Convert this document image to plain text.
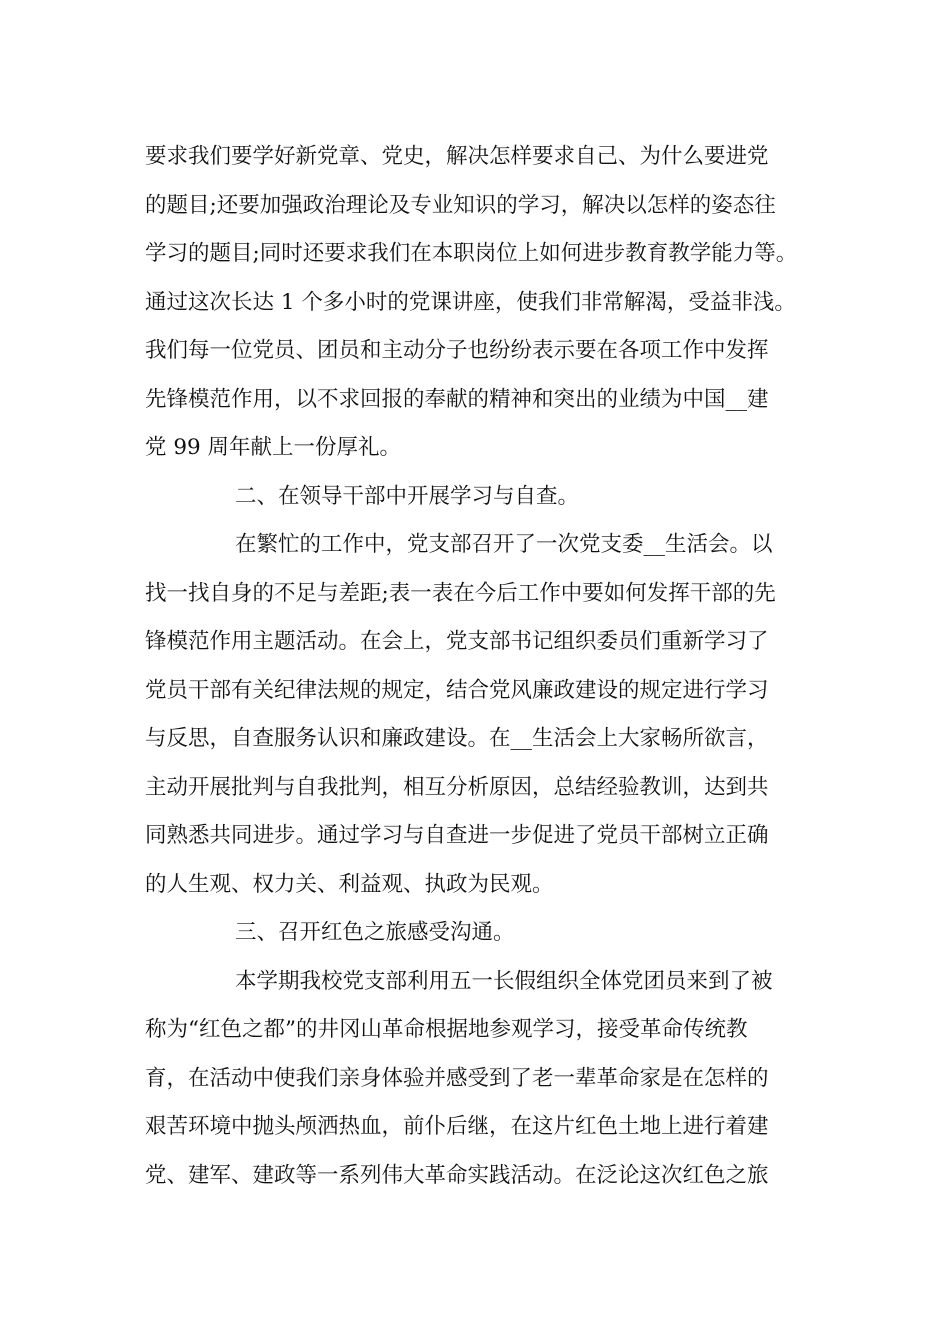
要求我们要学好新党章、党史，解决怎样要求自己、为什么要进党
的题目;还要加强政治理论及专业知识的学习，解决以怎样的姿态往
学习的题目;同时还要求我们在本职岗位上如何进步教育教学能力等。
通过这次长达 1 个多小时的党课讲座，使我们非常解渴，受益非浅。
我们每一位党员、团员和主动分子也纷纷表示要在各项工作中发挥
先锋模范作用，以不求回报的奉献的精神和突出的业绩为中国__建
党 99 周年献上一份厚礼。
二、在领导干部中开展学习与自查。
在繁忙的工作中，党支部召开了一次党支委__生活会。以
找一找自身的不足与差距;表一表在今后工作中要如何发挥干部的先
锋模范作用主题活动。在会上，党支部书记组织委员们重新学习了
党员干部有关纪律法规的规定，结合党风廉政建设的规定进行学习
与反思，自查服务认识和廉政建设。在__生活会上大家畅所欲言，
主动开展批判与自我批判，相互分析原因，总结经验教训，达到共
同熟悉共同进步。通过学习与自查进一步促进了党员干部树立正确
的人生观、权力关、利益观、执政为民观。
三、召开红色之旅感受沟通。
本学期我校党支部利用五一长假组织全体党团员来到了被
称为“红色之都”的井冈山革命根据地参观学习，接受革命传统教
育，在活动中使我们亲身体验并感受到了老一辈革命家是在怎样的
艰苦环境中抛头颅洒热血，前仆后继，在这片红色土地上进行着建
党、建军、建政等一系列伟大革命实践活动。在泛论这次红色之旅
